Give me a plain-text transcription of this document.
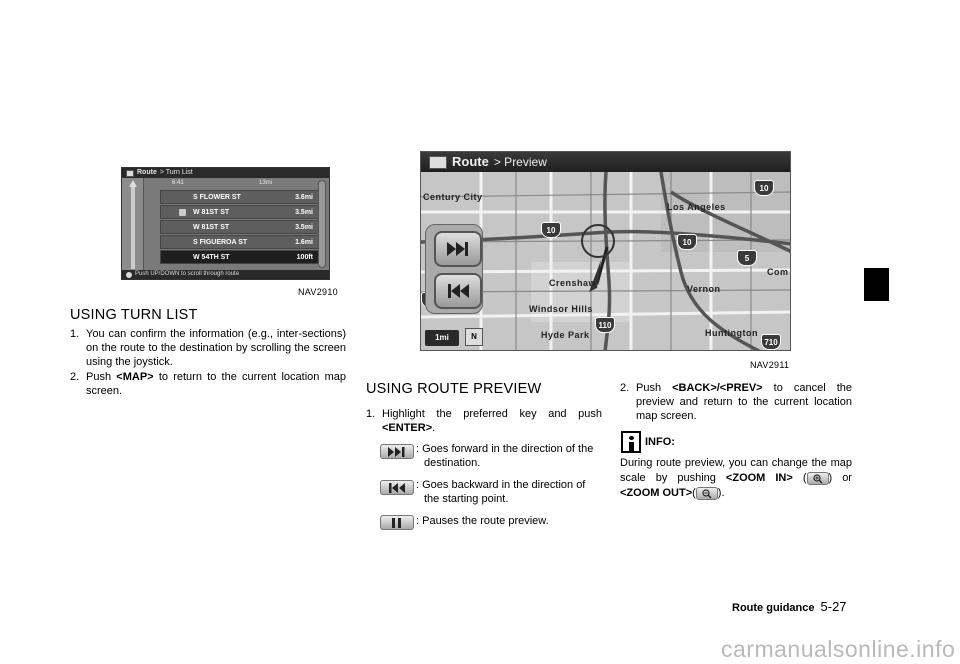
Route > Turn List
6:41	13mi
S FLOWER ST	3.6mi
W 81ST ST	3.5mi
W 81ST ST	3.5mi
S FIGUEROA ST	1.6mi
W 54TH ST	100ft
Push UP/DOWN to scroll through route
NAV2910
USING TURN LIST
1. You can confirm the information (e.g., inter-sections) on the route to the destination by scrolling the screen using the joystick.
2. Push <MAP> to return to the current location map screen.
Route > Preview
Century City
Los Angeles
Crenshaw
Windsor Hills
Vernon
Hyde Park	Huntington
Com
10
10
10
5
110
710
1mi	N
NAV2911
USING ROUTE PREVIEW
1. Highlight the preferred key and push <ENTER>.
: Goes forward in the direction of the destination.
: Goes backward in the direction of the starting point.
: Pauses the route preview.
2. Push <BACK>/<PREV> to cancel the preview and return to the current location map screen.
INFO:
During route preview, you can change the map scale by pushing <ZOOM IN> ( ) or <ZOOM OUT>( ).
Route guidance 5-27
carmanualsonline.info
